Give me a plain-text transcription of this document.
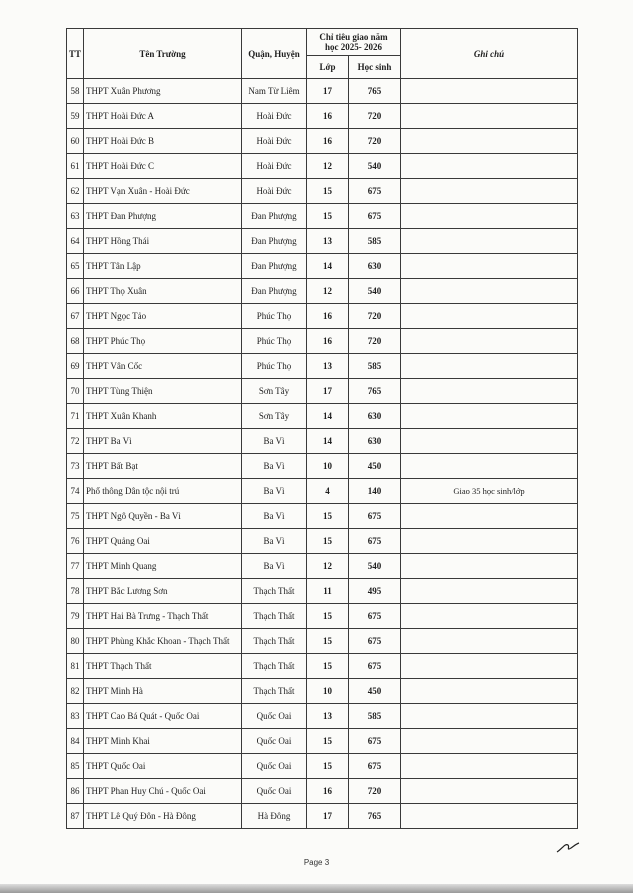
TT	Tên Trường	Quận, Huyện	Chỉ tiêu giao năm
học 2025- 2026		Ghi chú
			Lớp	Học sinh	
58	THPT Xuân Phương	Nam Từ Liêm	17	765	
59	THPT Hoài Đức A	Hoài Đức	16	720	
60	THPT Hoài Đức B	Hoài Đức	16	720	
61	THPT Hoài Đức C	Hoài Đức	12	540	
62	THPT Vạn Xuân - Hoài Đức	Hoài Đức	15	675	
63	THPT Đan Phượng	Đan Phượng	15	675	
64	THPT Hồng Thái	Đan Phượng	13	585	
65	THPT Tân Lập	Đan Phượng	14	630	
66	THPT Thọ Xuân	Đan Phượng	12	540	
67	THPT Ngọc Tảo	Phúc Thọ	16	720	
68	THPT Phúc Thọ	Phúc Thọ	16	720	
69	THPT Vân Cốc	Phúc Thọ	13	585	
70	THPT Tùng Thiện	Sơn Tây	17	765	
71	THPT Xuân Khanh	Sơn Tây	14	630	
72	THPT Ba Vì	Ba Vì	14	630	
73	THPT Bất Bạt	Ba Vì	10	450	
74	Phổ thông Dân tộc nội trú	Ba Vì	4	140	Giao 35 học sinh/lớp
75	THPT Ngô Quyền - Ba Vì	Ba Vì	15	675	
76	THPT Quảng Oai	Ba Vì	15	675	
77	THPT Minh Quang	Ba Vì	12	540	
78	THPT Bắc Lương Sơn	Thạch Thất	11	495	
79	THPT Hai Bà Trưng - Thạch Thất	Thạch Thất	15	675	
80	THPT Phùng Khắc Khoan - Thạch Thất	Thạch Thất	15	675	
81	THPT Thạch Thất	Thạch Thất	15	675	
82	THPT Minh Hà	Thạch Thất	10	450	
83	THPT Cao Bá Quát - Quốc Oai	Quốc Oai	13	585	
84	THPT Minh Khai	Quốc Oai	15	675	
85	THPT Quốc Oai	Quốc Oai	15	675	
86	THPT Phan Huy Chú - Quốc Oai	Quốc Oai	16	720	
87	THPT Lê Quý Đôn - Hà Đông	Hà Đông	17	765	
Page 3
